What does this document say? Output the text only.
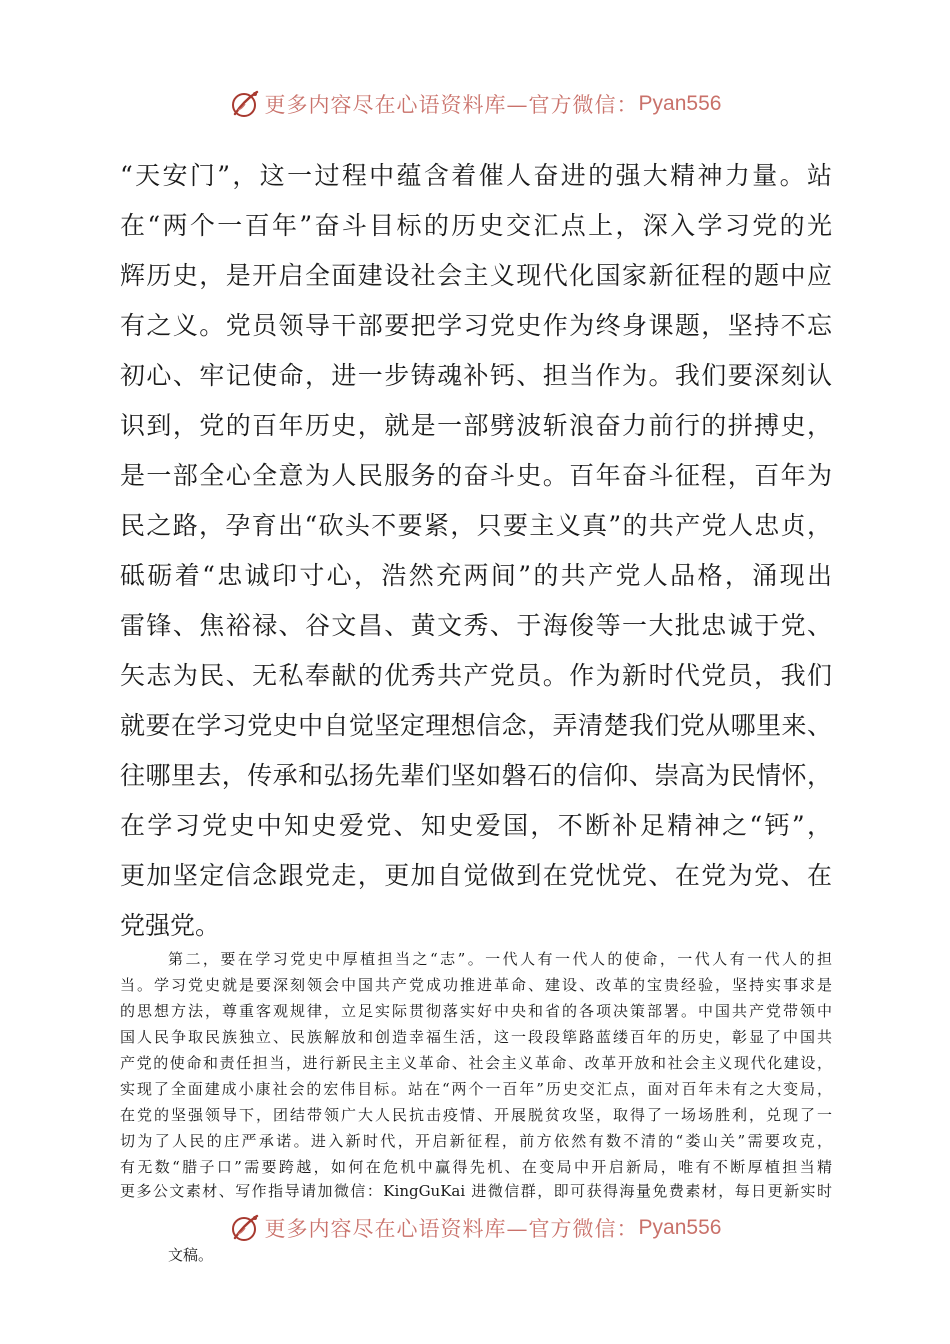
更多内容尽在心语资料库—官方微信： Pyan556
“天安门”，这一过程中蕴含着催人奋进的强大精神力量。站
在“两个一百年”奋斗目标的历史交汇点上，深入学习党的光
辉历史，是开启全面建设社会主义现代化国家新征程的题中应
有之义。党员领导干部要把学习党史作为终身课题，坚持不忘
初心、牢记使命，进一步铸魂补钙、担当作为。我们要深刻认
识到，党的百年历史，就是一部劈波斩浪奋力前行的拼搏史，
是一部全心全意为人民服务的奋斗史。百年奋斗征程，百年为
民之路，孕育出“砍头不要紧，只要主义真”的共产党人忠贞，
砥砺着“忠诚印寸心，浩然充两间”的共产党人品格，涌现出
雷锋、焦裕禄、谷文昌、黄文秀、于海俊等一大批忠诚于党、
矢志为民、无私奉献的优秀共产党员。作为新时代党员，我们
就要在学习党史中自觉坚定理想信念，弄清楚我们党从哪里来、
往哪里去，传承和弘扬先辈们坚如磐石的信仰、崇高为民情怀，
在学习党史中知史爱党、知史爱国，不断补足精神之“钙”，
更加坚定信念跟党走，更加自觉做到在党忧党、在党为党、在
党强党。
第二，要在学习党史中厚植担当之“志”。一代人有一代人的使命，一代人有一代人的担
当。学习党史就是要深刻领会中国共产党成功推进革命、建设、改革的宝贵经验，坚持实事求是
的思想方法，尊重客观规律，立足实际贯彻落实好中央和省的各项决策部署。中国共产党带领中
国人民争取民族独立、民族解放和创造幸福生活，这一段段筚路蓝缕百年的历史，彰显了中国共
产党的使命和责任担当，进行新民主主义革命、社会主义革命、改革开放和社会主义现代化建设，
实现了全面建成小康社会的宏伟目标。站在“两个一百年”历史交汇点，面对百年未有之大变局，
在党的坚强领导下，团结带领广大人民抗击疫情、开展脱贫攻坚，取得了一场场胜利，兑现了一
切为了人民的庄严承诺。进入新时代，开启新征程，前方依然有数不清的“娄山关”需要攻克，
有无数“腊子口”需要跨越，如何在危机中赢得先机、在变局中开启新局，唯有不断厚植担当精
更多公文素材、写作指导请加微信：KingGuKai 进微信群，即可获得海量免费素材，每日更新实时
更多内容尽在心语资料库—官方微信： Pyan556
文稿。
